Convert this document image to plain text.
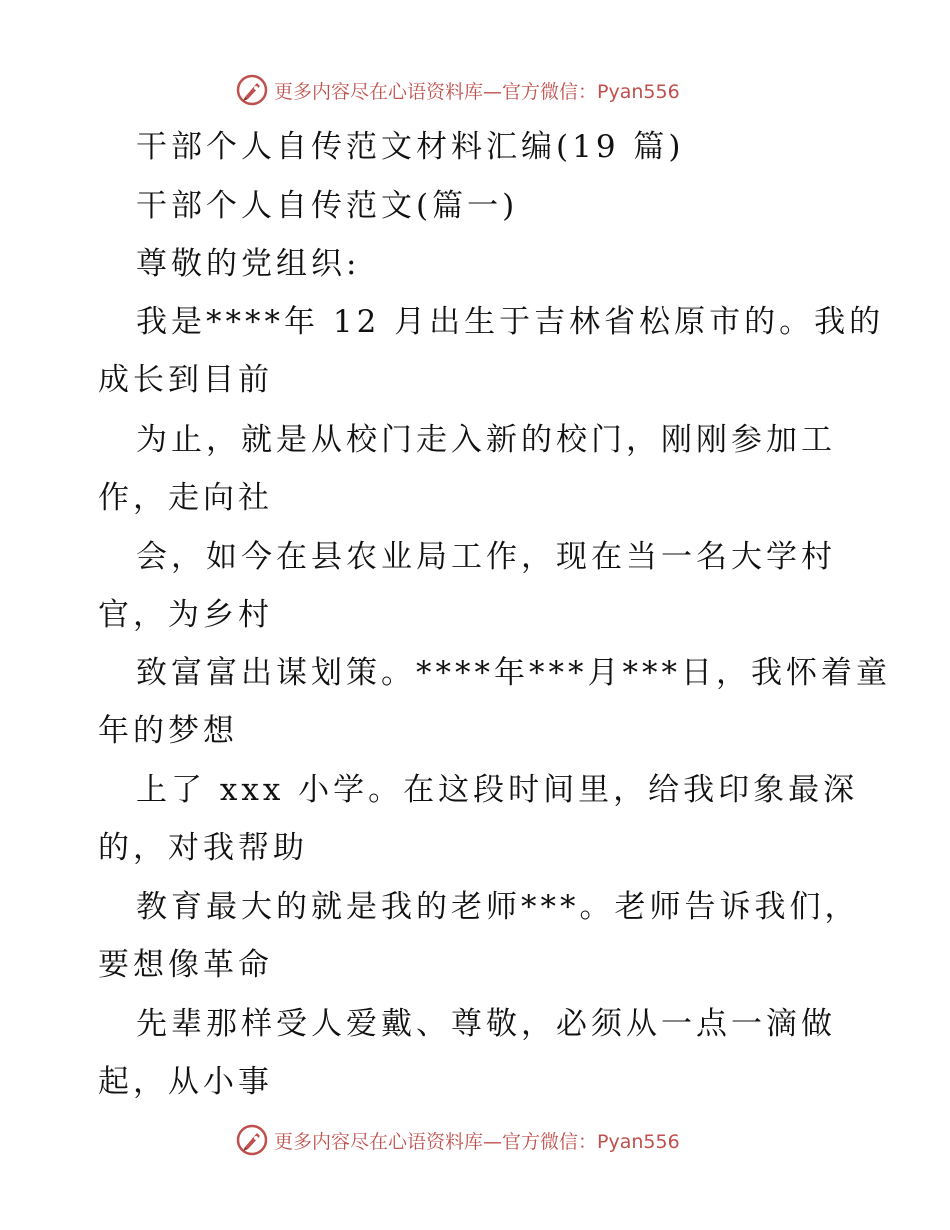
更多内容尽在心语资料库—官方微信：Pyan556
干部个人自传范文材料汇编(19 篇)
干部个人自传范文(篇一)
尊敬的党组织:
我是****年 12 月出生于吉林省松原市的。我的
成长到目前
为止，就是从校门走入新的校门，刚刚参加工
作，走向社
会，如今在县农业局工作，现在当一名大学村
官，为乡村
致富富出谋划策。****年***月***日，我怀着童
年的梦想
上了 xxx 小学。在这段时间里，给我印象最深
的，对我帮助
教育最大的就是我的老师***。老师告诉我们，
要想像革命
先辈那样受人爱戴、尊敬，必须从一点一滴做
起，从小事
更多内容尽在心语资料库—官方微信：Pyan556
